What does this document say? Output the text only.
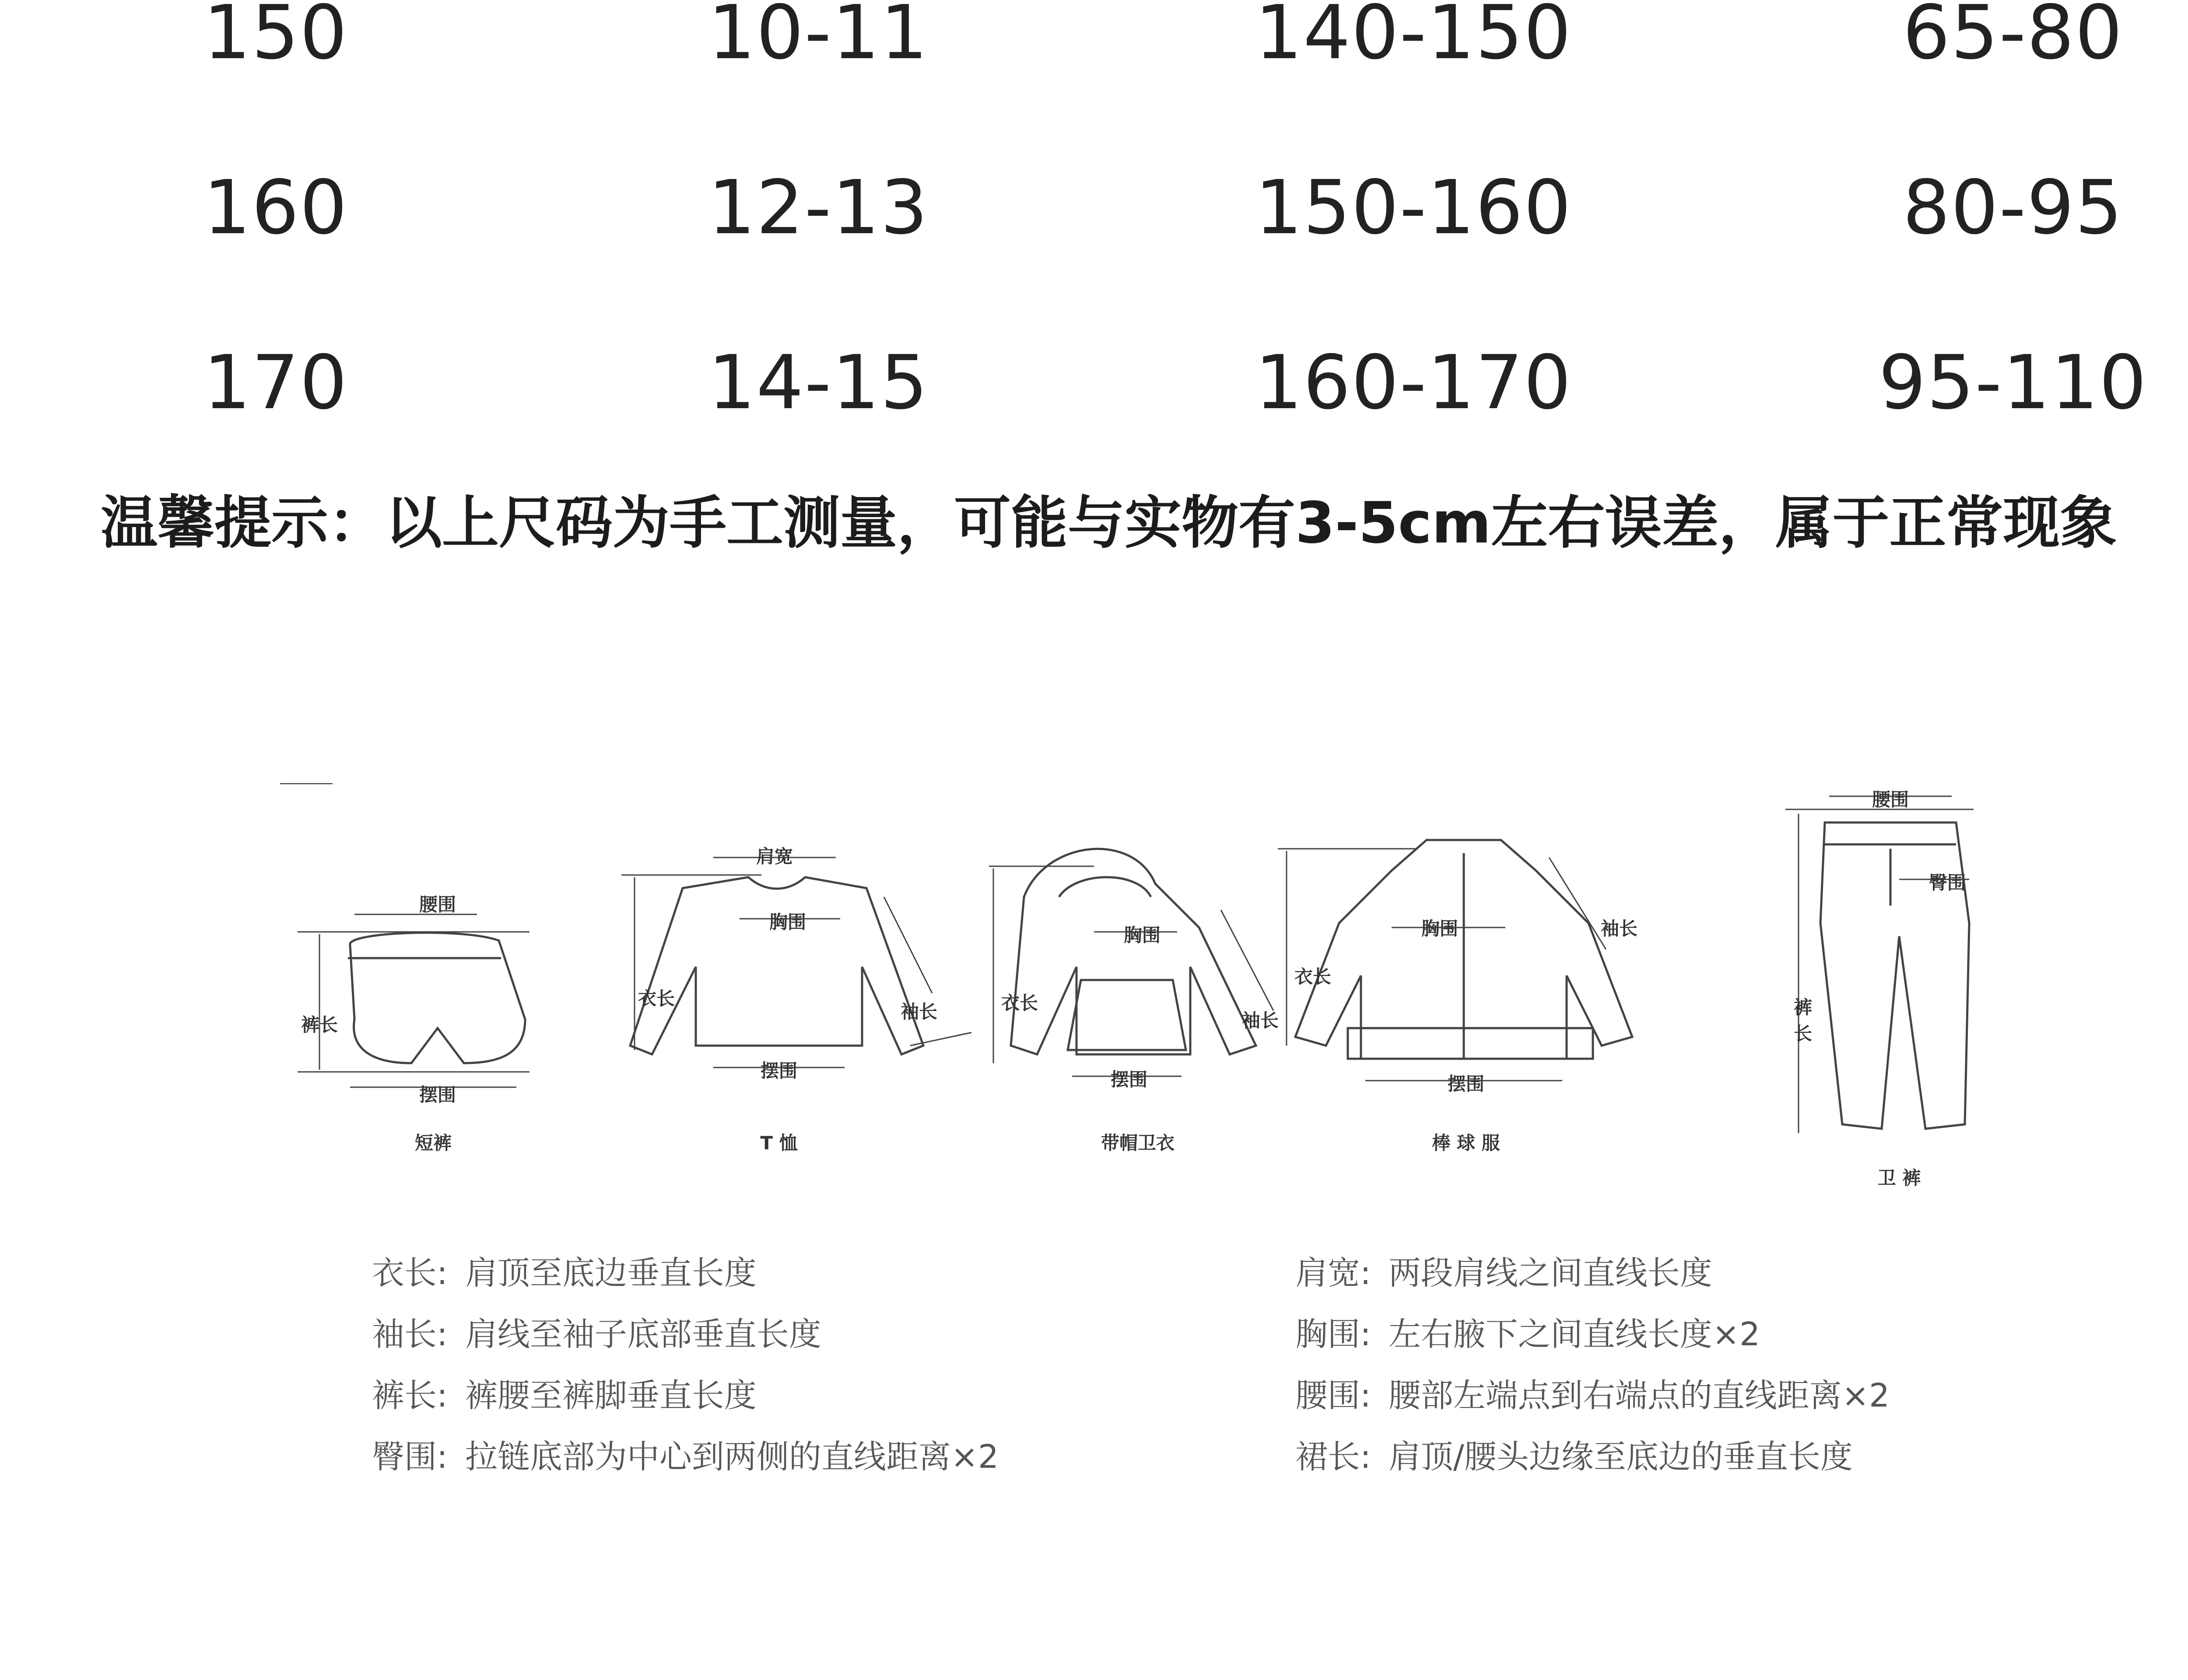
150	10-11	140-150	65-80
160	12-13	150-160	80-95
170	14-15	160-170	95-110
温馨提示：以上尺码为手工测量，可能与实物有3-5cm左右误差，属于正常现象
腰围
裤长
摆围
短裤
肩宽
胸围
衣长
袖长
摆围
T 恤
胸围
衣长
袖长
摆围
带帽卫衣
胸围
衣长
袖长
摆围
棒 球 服
腰围
臀围
裤长
卫 裤
衣长: 肩顶至底边垂直长度
袖长: 肩线至袖子底部垂直长度
裤长: 裤腰至裤脚垂直长度
臀围: 拉链底部为中心到两侧的直线距离×2
肩宽: 两段肩线之间直线长度
胸围: 左右腋下之间直线长度×2
腰围: 腰部左端点到右端点的直线距离×2
裙长: 肩顶/腰头边缘至底边的垂直长度
